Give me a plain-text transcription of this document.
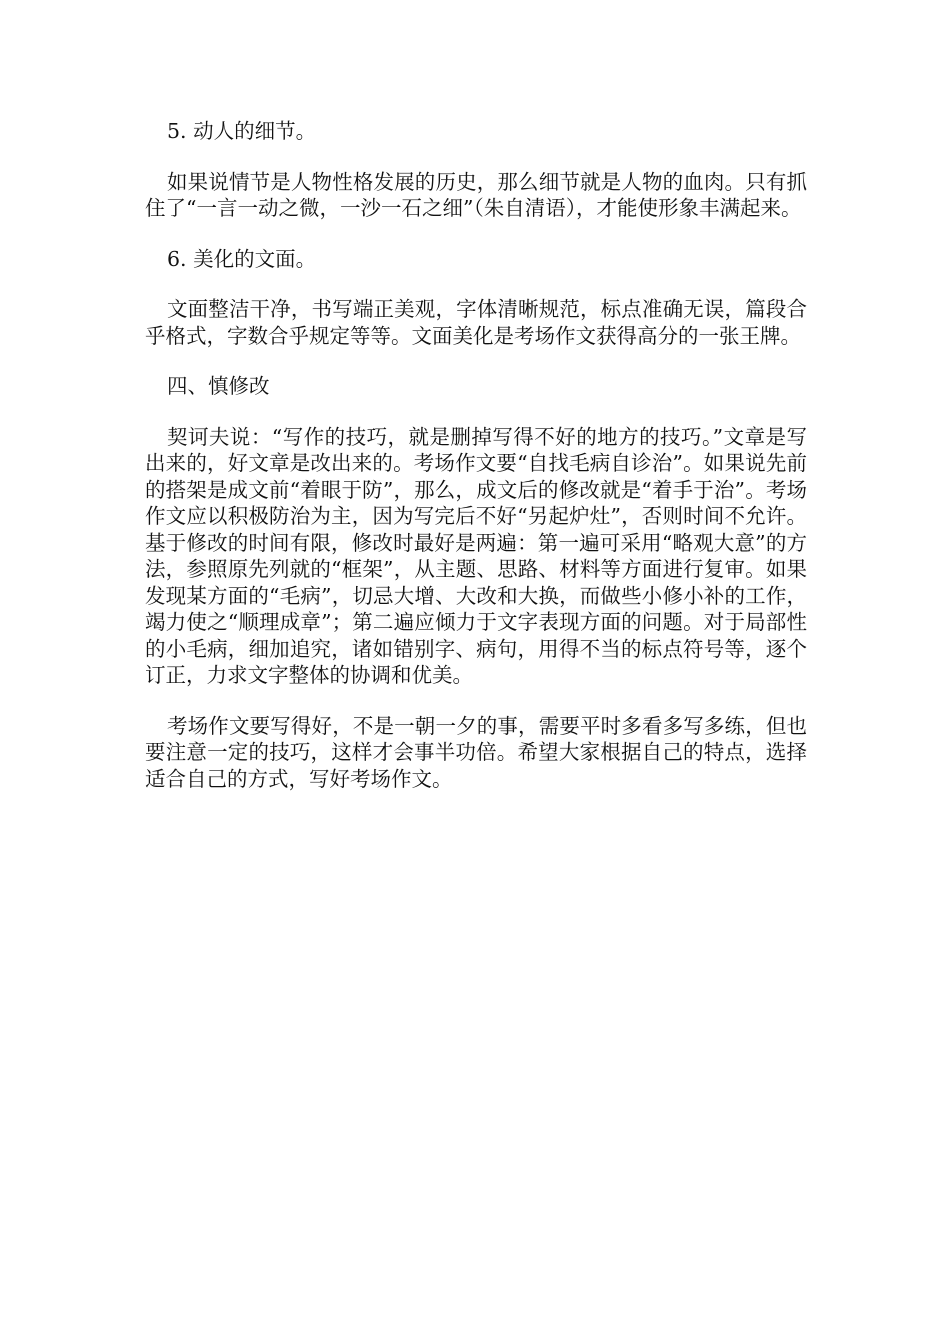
5. 动人的细节。

如果说情节是人物性格发展的历史，那么细节就是人物的血肉。只有抓住了“一言一动之微，一沙一石之细”（朱自清语），才能使形象丰满起来。

6. 美化的文面。

文面整洁干净，书写端正美观，字体清晰规范，标点准确无误，篇段合乎格式，字数合乎规定等等。文面美化是考场作文获得高分的一张王牌。

四、慎修改

契诃夫说：“写作的技巧，就是删掉写得不好的地方的技巧。”文章是写出来的，好文章是改出来的。考场作文要“自找毛病自诊治”。如果说先前的搭架是成文前“着眼于防”，那么，成文后的修改就是“着手于治”。考场作文应以积极防治为主，因为写完后不好“另起炉灶”，否则时间不允许。基于修改的时间有限，修改时最好是两遍：第一遍可采用“略观大意”的方法，参照原先列就的“框架”，从主题、思路、材料等方面进行复审。如果发现某方面的“毛病”，切忌大增、大改和大换，而做些小修小补的工作，竭力使之“顺理成章”；第二遍应倾力于文字表现方面的问题。对于局部性的小毛病，细加追究，诸如错别字、病句，用得不当的标点符号等，逐个订正，力求文字整体的协调和优美。

考场作文要写得好，不是一朝一夕的事，需要平时多看多写多练，但也要注意一定的技巧，这样才会事半功倍。希望大家根据自己的特点，选择适合自己的方式，写好考场作文。
